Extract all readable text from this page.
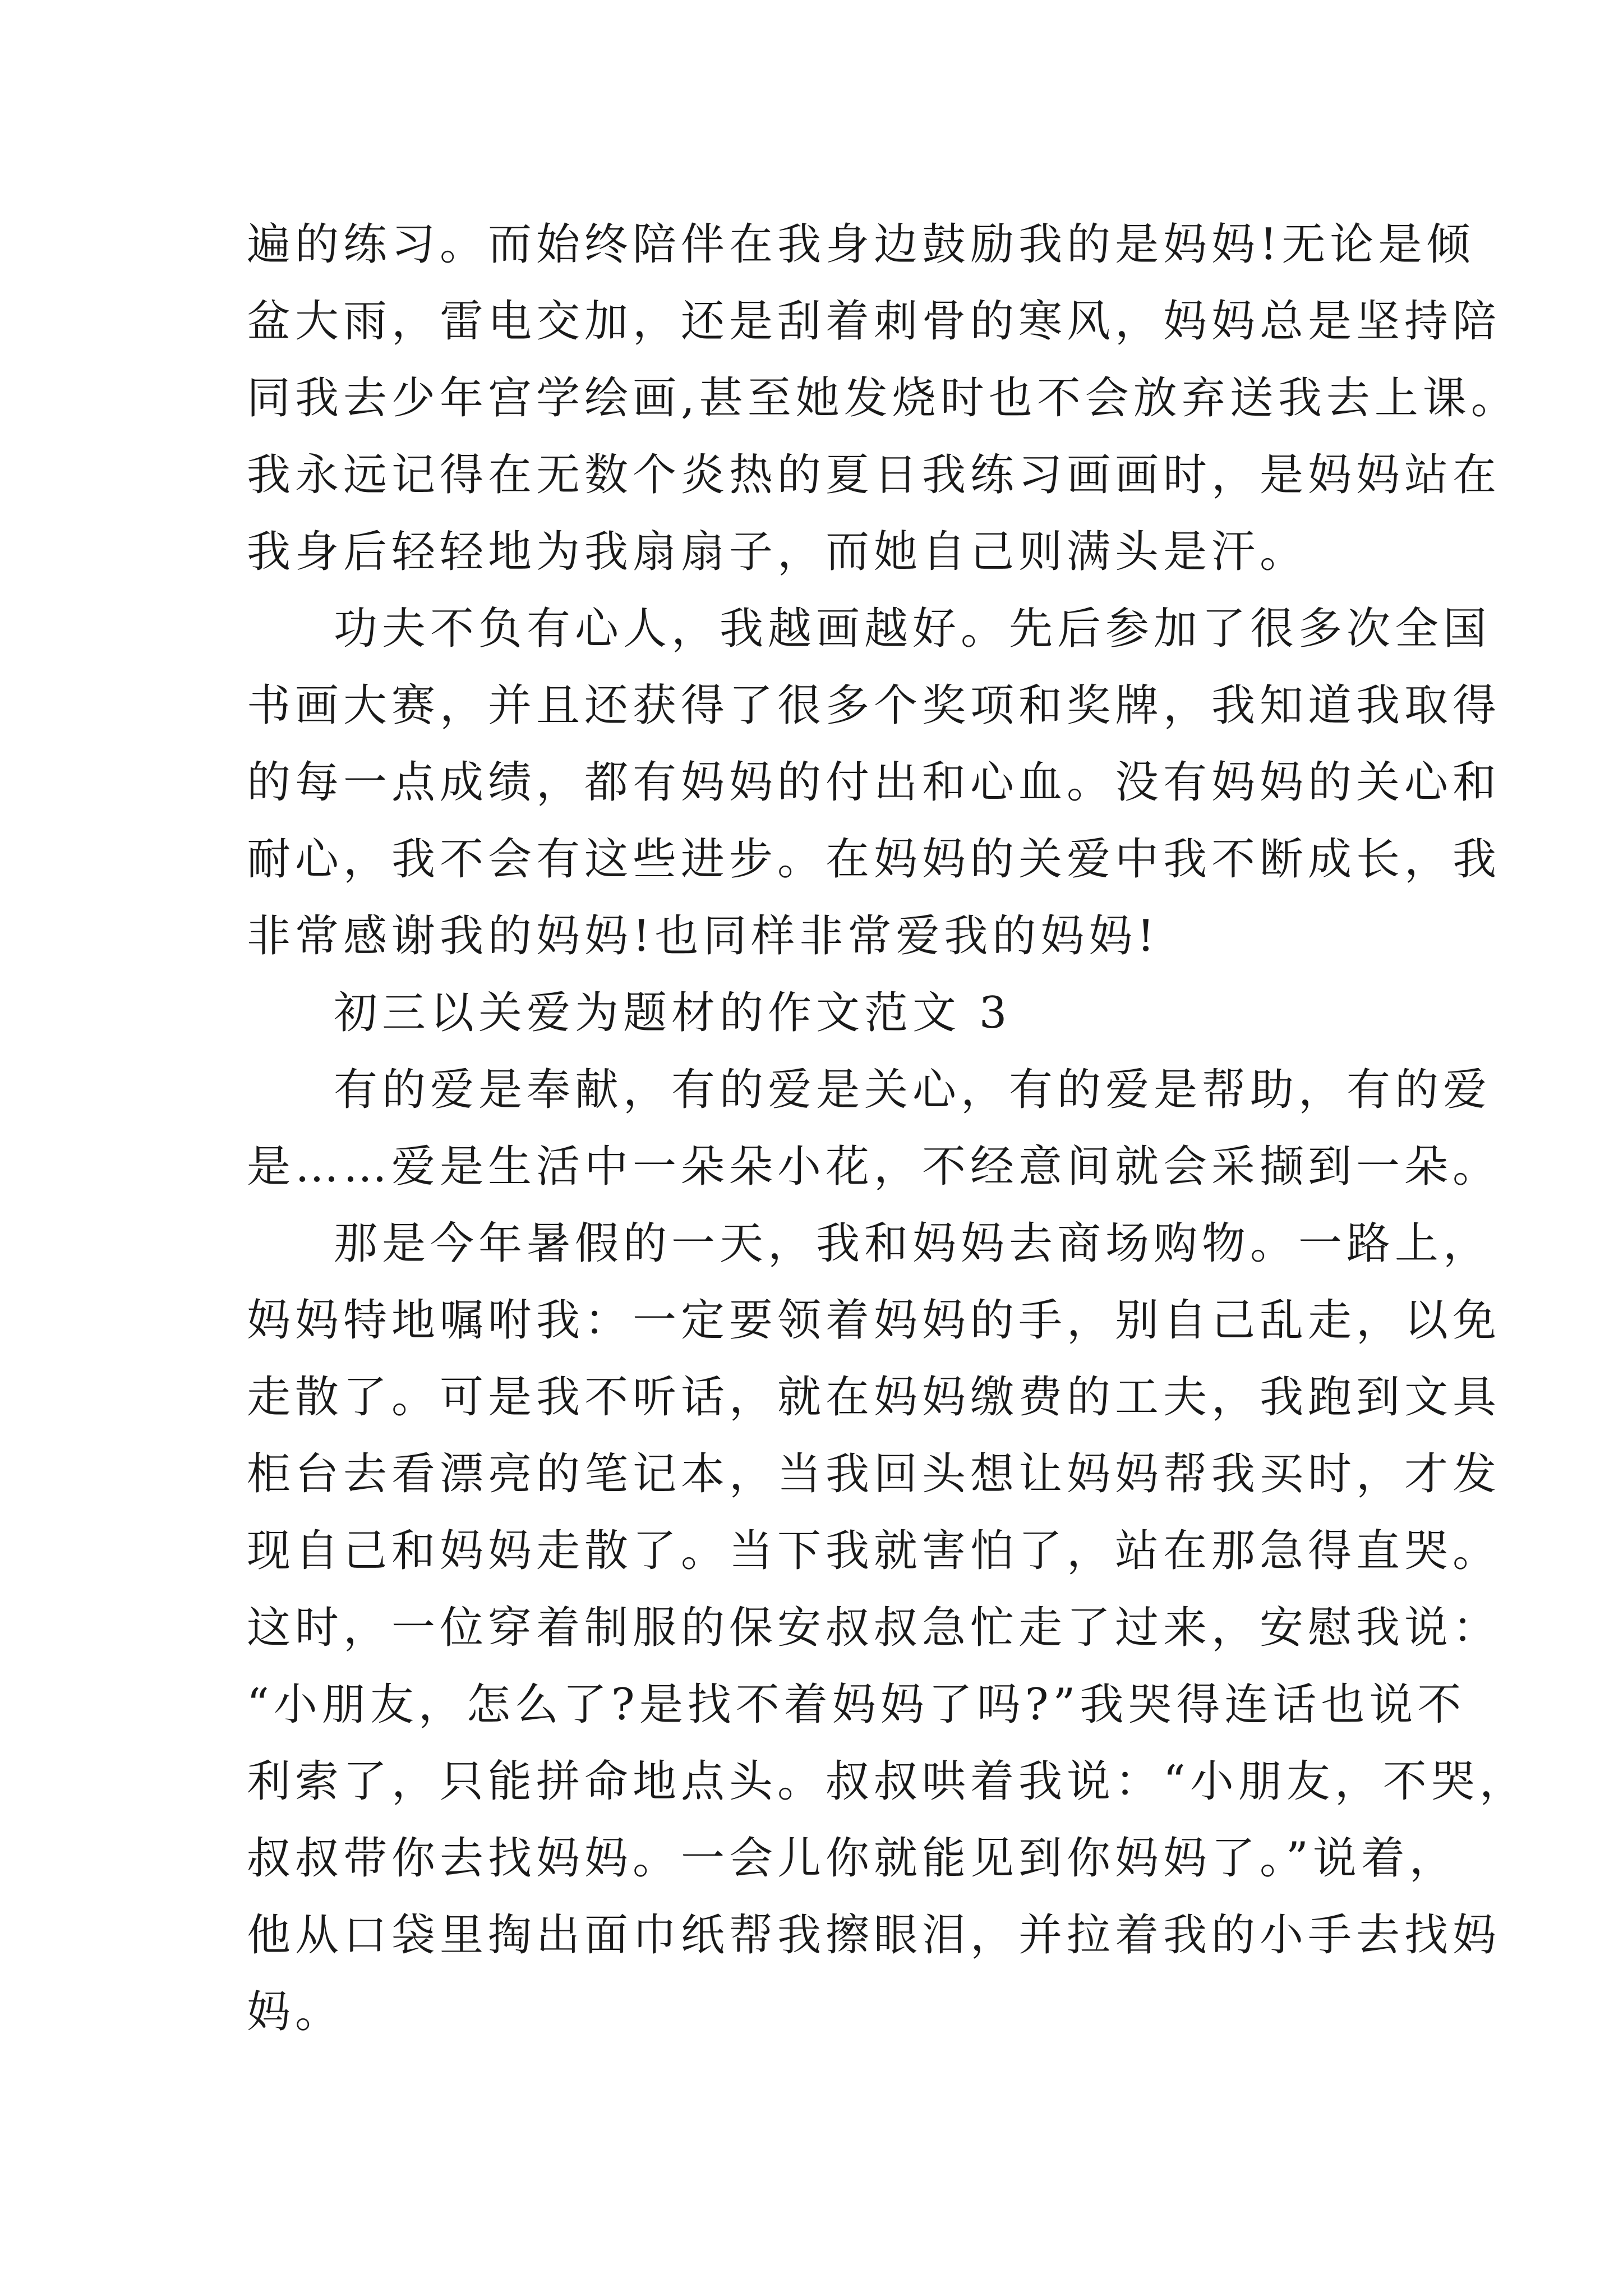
遍的练习。而始终陪伴在我身边鼓励我的是妈妈!无论是倾
盆大雨，雷电交加，还是刮着刺骨的寒风，妈妈总是坚持陪
同我去少年宫学绘画,甚至她发烧时也不会放弃送我去上课。
我永远记得在无数个炎热的夏日我练习画画时，是妈妈站在
我身后轻轻地为我扇扇子，而她自己则满头是汗。
功夫不负有心人，我越画越好。先后参加了很多次全国
书画大赛，并且还获得了很多个奖项和奖牌，我知道我取得
的每一点成绩，都有妈妈的付出和心血。没有妈妈的关心和
耐心，我不会有这些进步。在妈妈的关爱中我不断成长，我
非常感谢我的妈妈!也同样非常爱我的妈妈!
初三以关爱为题材的作文范文 3
有的爱是奉献，有的爱是关心，有的爱是帮助，有的爱
是……爱是生活中一朵朵小花，不经意间就会采撷到一朵。
那是今年暑假的一天，我和妈妈去商场购物。一路上，
妈妈特地嘱咐我：一定要领着妈妈的手，别自己乱走，以免
走散了。可是我不听话，就在妈妈缴费的工夫，我跑到文具
柜台去看漂亮的笔记本，当我回头想让妈妈帮我买时，才发
现自己和妈妈走散了。当下我就害怕了，站在那急得直哭。
这时，一位穿着制服的保安叔叔急忙走了过来，安慰我说：
“小朋友，怎么了?是找不着妈妈了吗?”我哭得连话也说不
利索了，只能拼命地点头。叔叔哄着我说：“小朋友，不哭，
叔叔带你去找妈妈。一会儿你就能见到你妈妈了。”说着，
他从口袋里掏出面巾纸帮我擦眼泪，并拉着我的小手去找妈
妈。
